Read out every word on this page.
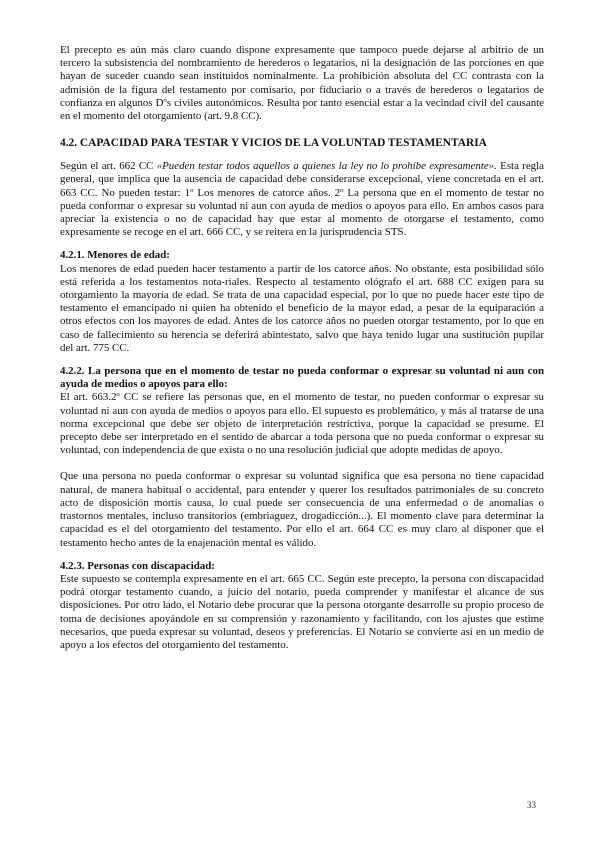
El precepto es aún más claro cuando dispone expresamente que tampoco puede dejarse al arbitrio de un tercero la subsistencia del nombramiento de herederos o legatarios, ni la designación de las porciones en que hayan de suceder cuando sean instituidos nominalmente. La prohibición absoluta del CC contrasta con la admisión de la figura del testamento por comisario, por fiduciario o a través de herederos o legatarios de confianza en algunos Dºs civiles autonómicos. Resulta por tanto esencial estar a la vecindad civil del causante en el momento del otorgamiento (art. 9.8 CC).

4.2. CAPACIDAD PARA TESTAR Y VICIOS DE LA VOLUNTAD TESTAMENTARIA

Según el art. 662 CC «Pueden testar todos aquellos a quienes la ley no lo prohíbe expresamente». Esta regla general, que implica que la ausencia de capacidad debe considerarse excepcional, viene concretada en el art. 663 CC. No pueden testar: 1º Los menores de catorce años. 2º La persona que en el momento de testar no pueda conformar o expresar su voluntad ni aun con ayuda de medios o apoyos para ello. En ambos casos para apreciar la existencia o no de capacidad hay que estar al momento de otorgarse el testamento, como expresamente se recoge en el art. 666 CC, y se reitera en la jurisprudencia STS.

4.2.1. Menores de edad:

Los menores de edad pueden hacer testamento a partir de los catorce años. No obstante, esta posibilidad sólo está referida a los testamentos nota-riales. Respecto al testamento ológrafo el art. 688 CC exigen para su otorgamiento la mayoría de edad. Se trata de una capacidad especial, por lo que no puede hacer este tipo de testamento el emancipado ni quien ha obtenido el beneficio de la mayor edad, a pesar de la equiparación a otros efectos con los mayores de edad. Antes de los catorce años no pueden otorgar testamento, por lo que en caso de fallecimiento su herencia se deferirá abintestato, salvo que haya tenido lugar una sustitución pupilar del art. 775 CC.

4.2.2. La persona que en el momento de testar no pueda conformar o expresar su voluntad ni aun con ayuda de medios o apoyos para ello:

El art. 663.2º CC se refiere las personas que, en el momento de testar, no pueden conformar o expresar su voluntad ni aun con ayuda de medios o apoyos para ello. El supuesto es problemático, y más al tratarse de una norma excepcional que debe ser objeto de interpretación restrictiva, porque la capacidad se presume. El precepto debe ser interpretado en el sentido de abarcar a toda persona que no pueda conformar o expresar su voluntad, con independencia de que exista o no una resolución judicial que adopte medidas de apoyo.

Que una persona no pueda conformar o expresar su voluntad significa que esa persona no tiene capacidad natural, de manera habitual o accidental, para entender y querer los resultados patrimoniales de su concreto acto de disposición mortis causa, lo cual puede ser consecuencia de una enfermedad o de anomalías o trastornos mentales, incluso transitorios (embriaguez, drogadicción...). El momento clave para determinar la capacidad es el del otorgamiento del testamento. Por ello el art. 664 CC es muy claro al disponer que el testamento hecho antes de la enajenación mental es válido.

4.2.3. Personas con discapacidad:

Este supuesto se contempla expresamente en el art. 665 CC. Según este precepto, la persona con discapacidad podrá otorgar testamento cuando, a juicio del notario, pueda comprender y manifestar el alcance de sus disposiciones. Por otro lado, el Notario debe procurar que la persona otorgante desarrolle su propio proceso de toma de decisiones apoyándole en su comprensión y razonamiento y facilitando, con los ajustes que estime necesarios, que pueda expresar su voluntad, deseos y preferencias. El Notario se convierte así en un medio de apoyo a los efectos del otorgamiento del testamento.

33
